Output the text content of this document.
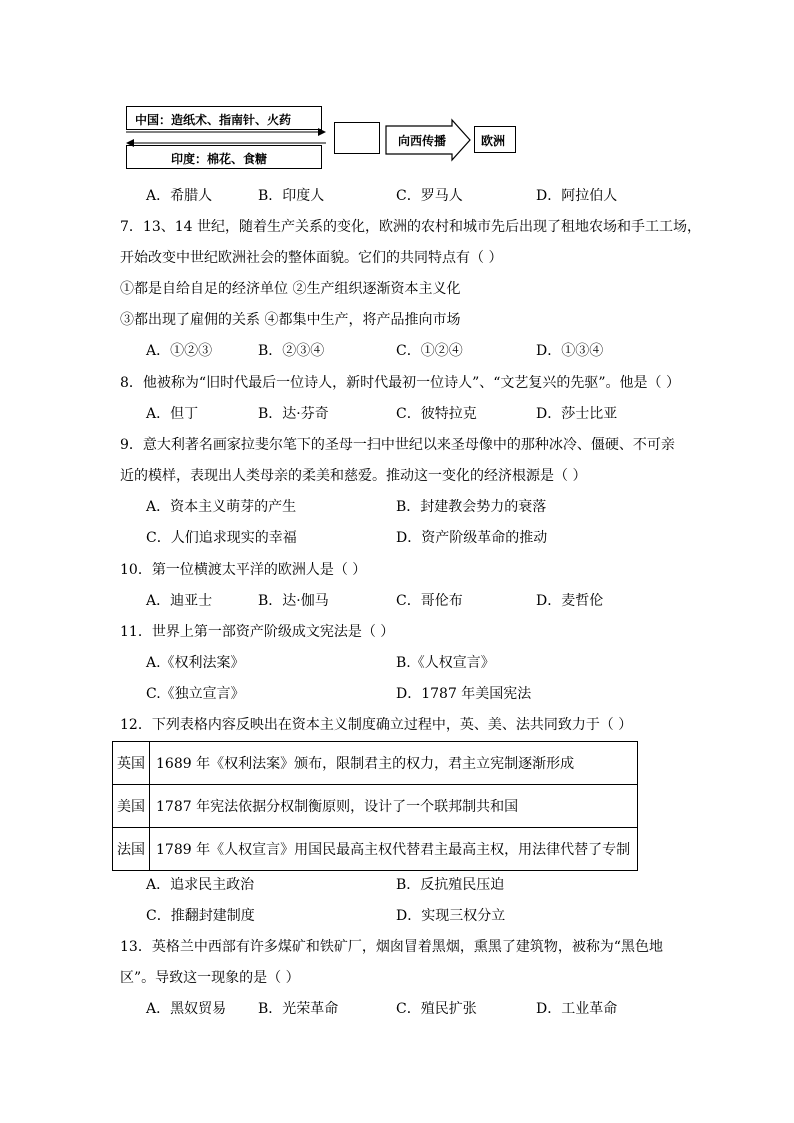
中国：造纸术、指南针、火药
印度：棉花、食糖
向西传播	欧洲
A．希腊人	B．印度人	C．罗马人	D．阿拉伯人
7．13、14 世纪，随着生产关系的变化，欧洲的农村和城市先后出现了租地农场和手工工场，
开始改变中世纪欧洲社会的整体面貌。它们的共同特点有（ ）
①都是自给自足的经济单位 ②生产组织逐渐资本主义化
③都出现了雇佣的关系 ④都集中生产，将产品推向市场
A．①②③	B．②③④	C．①②④	D．①③④
8．他被称为“旧时代最后一位诗人，新时代最初一位诗人”、“文艺复兴的先驱”。他是（ ）
A．但丁	B．达·芬奇	C．彼特拉克	D．莎士比亚
9．意大利著名画家拉斐尔笔下的圣母一扫中世纪以来圣母像中的那种冰冷、僵硬、不可亲
近的模样，表现出人类母亲的柔美和慈爱。推动这一变化的经济根源是（ ）
A．资本主义萌芽的产生	B．封建教会势力的衰落
C．人们追求现实的幸福	D．资产阶级革命的推动
10．第一位横渡太平洋的欧洲人是（ ）
A．迪亚士	B．达·伽马	C．哥伦布	D．麦哲伦
11．世界上第一部资产阶级成文宪法是（ ）
A.《权利法案》	B.《人权宣言》
C.《独立宣言》	D．1787 年美国宪法
12．下列表格内容反映出在资本主义制度确立过程中，英、美、法共同致力于（ ）
英国	1689 年《权利法案》颁布，限制君主的权力，君主立宪制逐渐形成
美国	1787 年宪法依据分权制衡原则，设计了一个联邦制共和国
法国	1789 年《人权宣言》用国民最高主权代替君主最高主权，用法律代替了专制
A．追求民主政治	B．反抗殖民压迫
C．推翻封建制度	D．实现三权分立
13．英格兰中西部有许多煤矿和铁矿厂，烟囱冒着黑烟，熏黑了建筑物，被称为“黑色地
区”。导致这一现象的是（ ）
A．黑奴贸易 B．光荣革命	C．殖民扩张	D．工业革命
